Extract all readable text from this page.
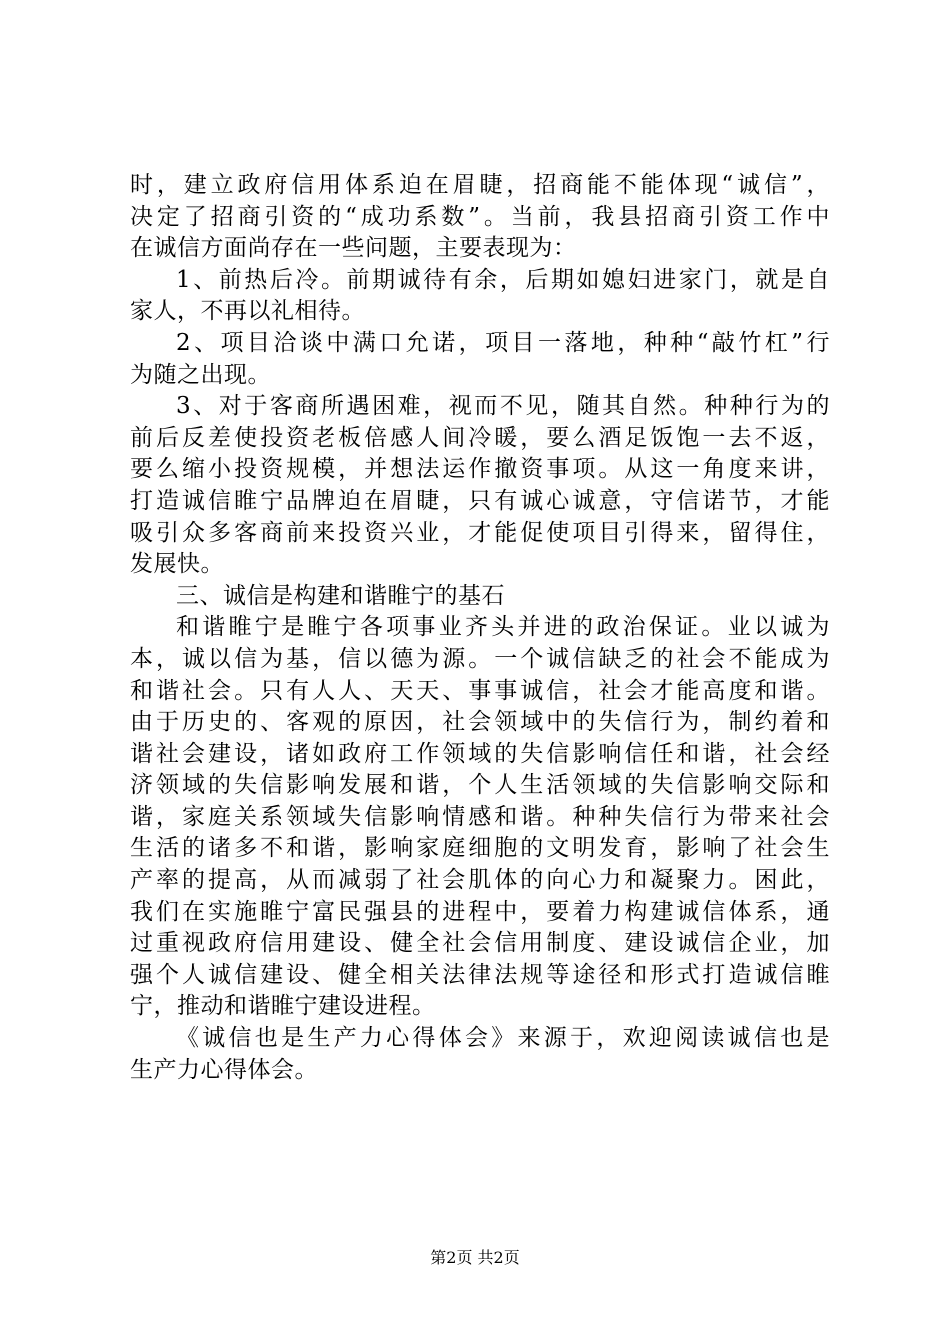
时，建立政府信用体系迫在眉睫，招商能不能体现“诚信”，
决定了招商引资的“成功系数”。当前，我县招商引资工作中
在诚信方面尚存在一些问题，主要表现为：
1、前热后冷。前期诚待有余，后期如媳妇进家门，就是自
家人，不再以礼相待。
2、项目洽谈中满口允诺，项目一落地，种种“敲竹杠”行
为随之出现。
3、对于客商所遇困难，视而不见，随其自然。种种行为的
前后反差使投资老板倍感人间冷暖，要么酒足饭饱一去不返，
要么缩小投资规模，并想法运作撤资事项。从这一角度来讲，
打造诚信睢宁品牌迫在眉睫，只有诚心诚意，守信诺节，才能
吸引众多客商前来投资兴业，才能促使项目引得来，留得住，
发展快。
三、诚信是构建和谐睢宁的基石
和谐睢宁是睢宁各项事业齐头并进的政治保证。业以诚为
本，诚以信为基，信以德为源。一个诚信缺乏的社会不能成为
和谐社会。只有人人、天天、事事诚信，社会才能高度和谐。
由于历史的、客观的原因，社会领域中的失信行为，制约着和
谐社会建设，诸如政府工作领域的失信影响信任和谐，社会经
济领域的失信影响发展和谐，个人生活领域的失信影响交际和
谐，家庭关系领域失信影响情感和谐。种种失信行为带来社会
生活的诸多不和谐，影响家庭细胞的文明发育，影响了社会生
产率的提高，从而减弱了社会肌体的向心力和凝聚力。困此，
我们在实施睢宁富民强县的进程中，要着力构建诚信体系，通
过重视政府信用建设、健全社会信用制度、建设诚信企业，加
强个人诚信建设、健全相关法律法规等途径和形式打造诚信睢
宁，推动和谐睢宁建设进程。
《诚信也是生产力心得体会》来源于，欢迎阅读诚信也是
生产力心得体会。
第2页 共2页
